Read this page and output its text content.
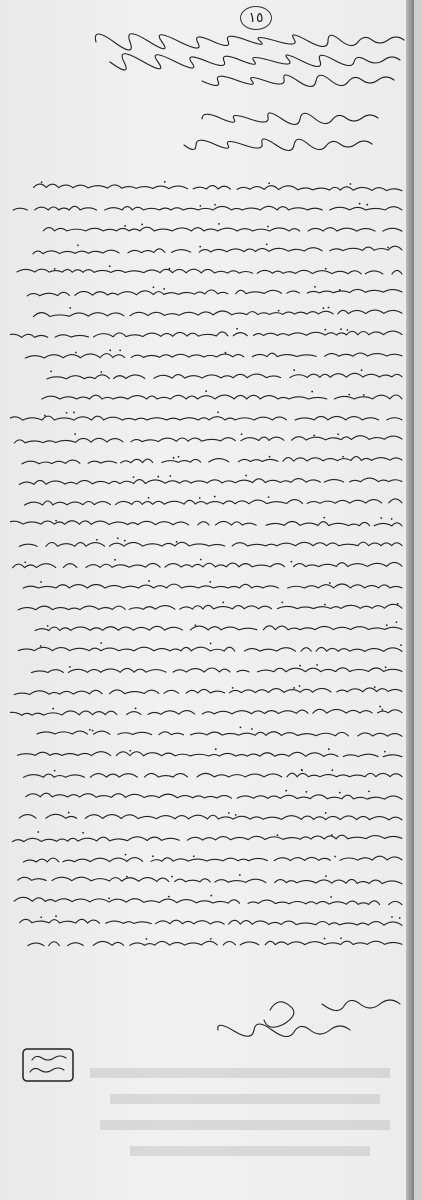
١٥
